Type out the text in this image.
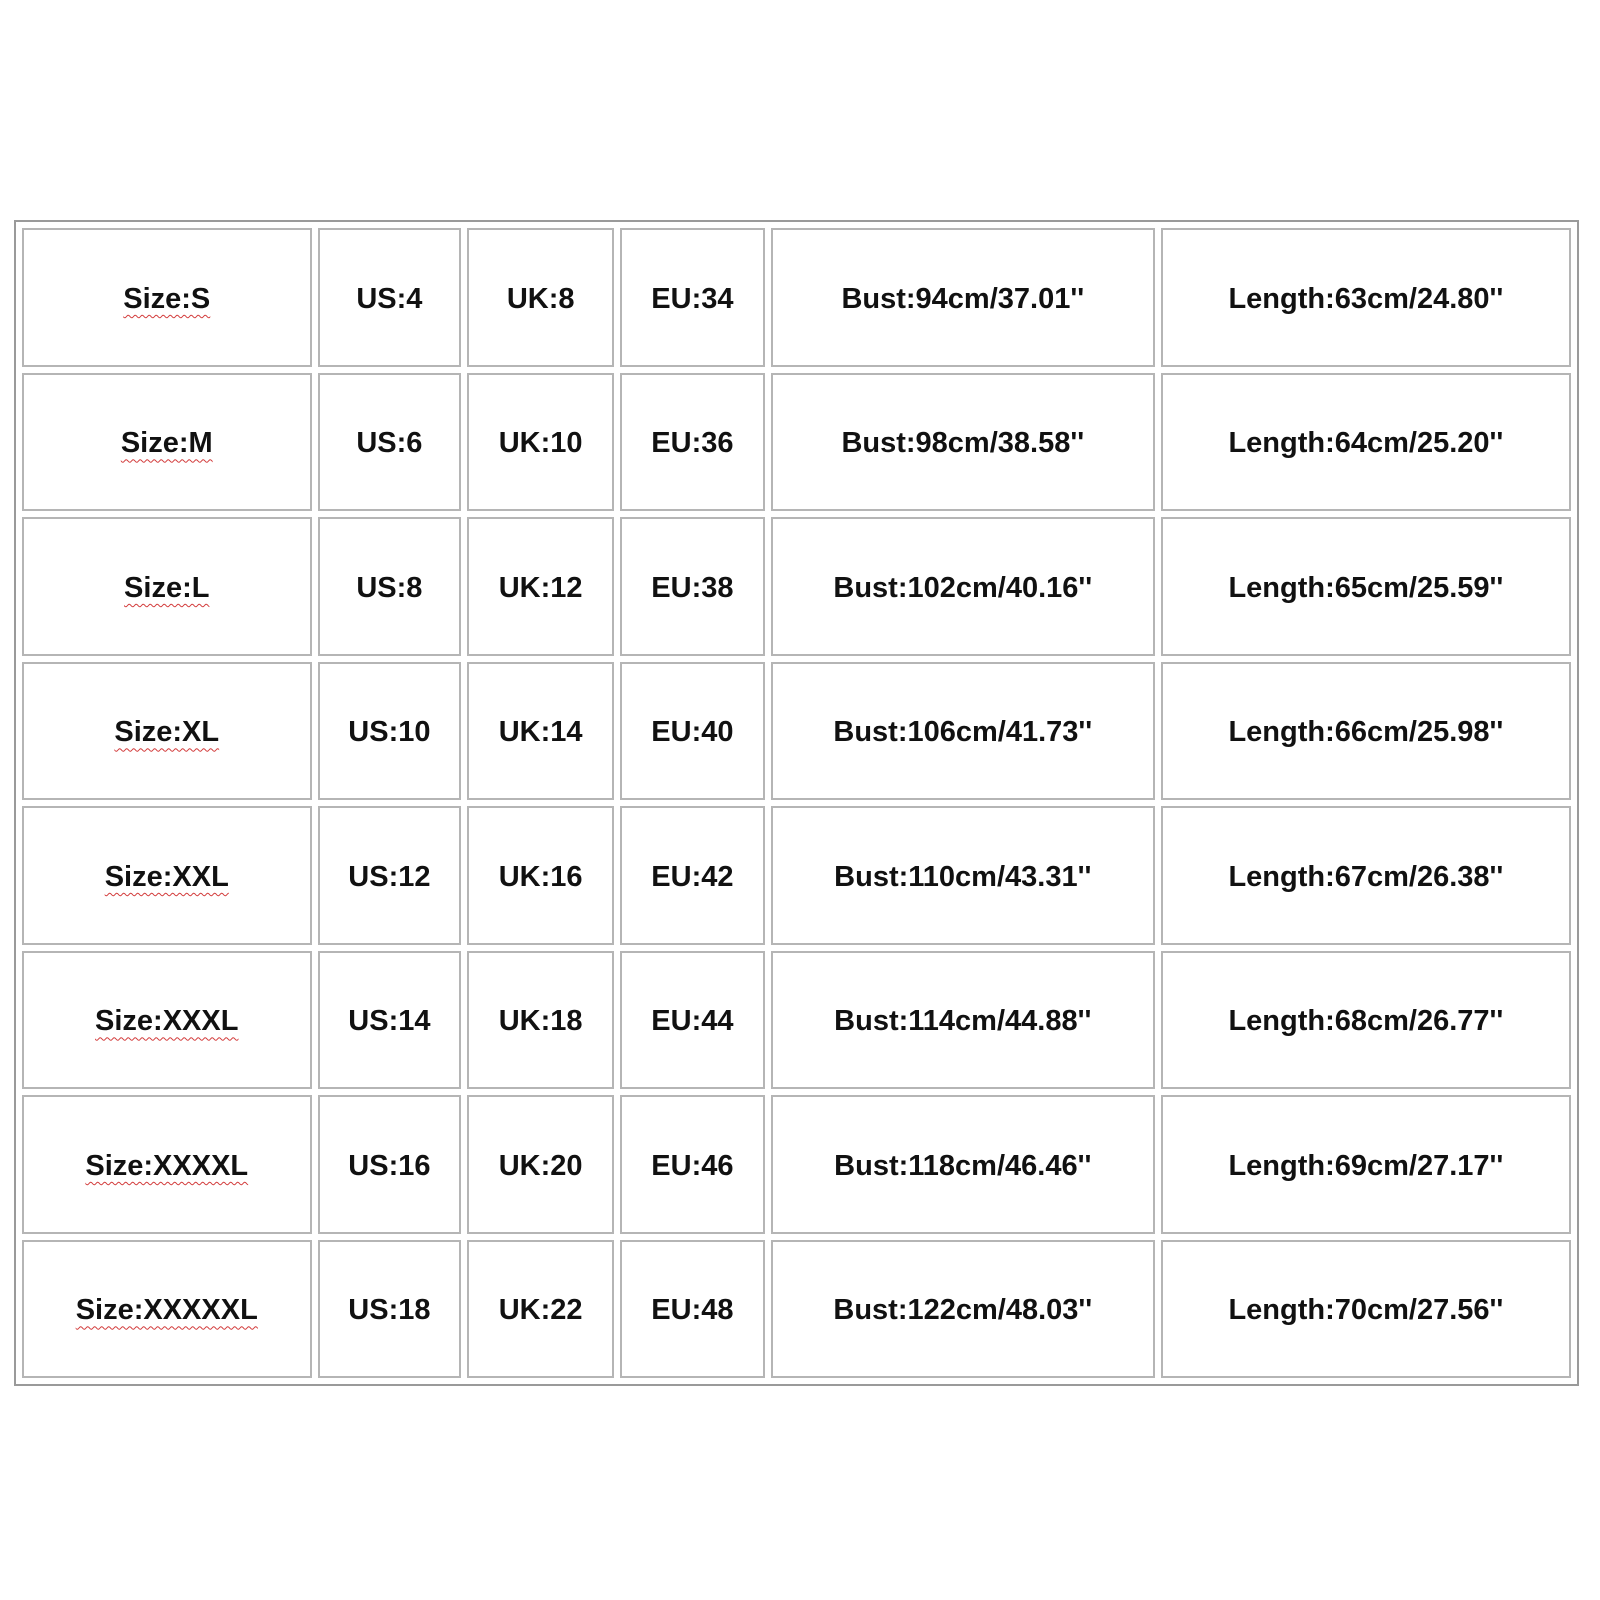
Size:S	US:4	UK:8	EU:34	Bust:94cm/37.01''	Length:63cm/24.80''
Size:M	US:6	UK:10	EU:36	Bust:98cm/38.58''	Length:64cm/25.20''
Size:L	US:8	UK:12	EU:38	Bust:102cm/40.16''	Length:65cm/25.59''
Size:XL	US:10	UK:14	EU:40	Bust:106cm/41.73''	Length:66cm/25.98''
Size:XXL	US:12	UK:16	EU:42	Bust:110cm/43.31''	Length:67cm/26.38''
Size:XXXL	US:14	UK:18	EU:44	Bust:114cm/44.88''	Length:68cm/26.77''
Size:XXXXL	US:16	UK:20	EU:46	Bust:118cm/46.46''	Length:69cm/27.17''
Size:XXXXXL	US:18	UK:22	EU:48	Bust:122cm/48.03''	Length:70cm/27.56''
